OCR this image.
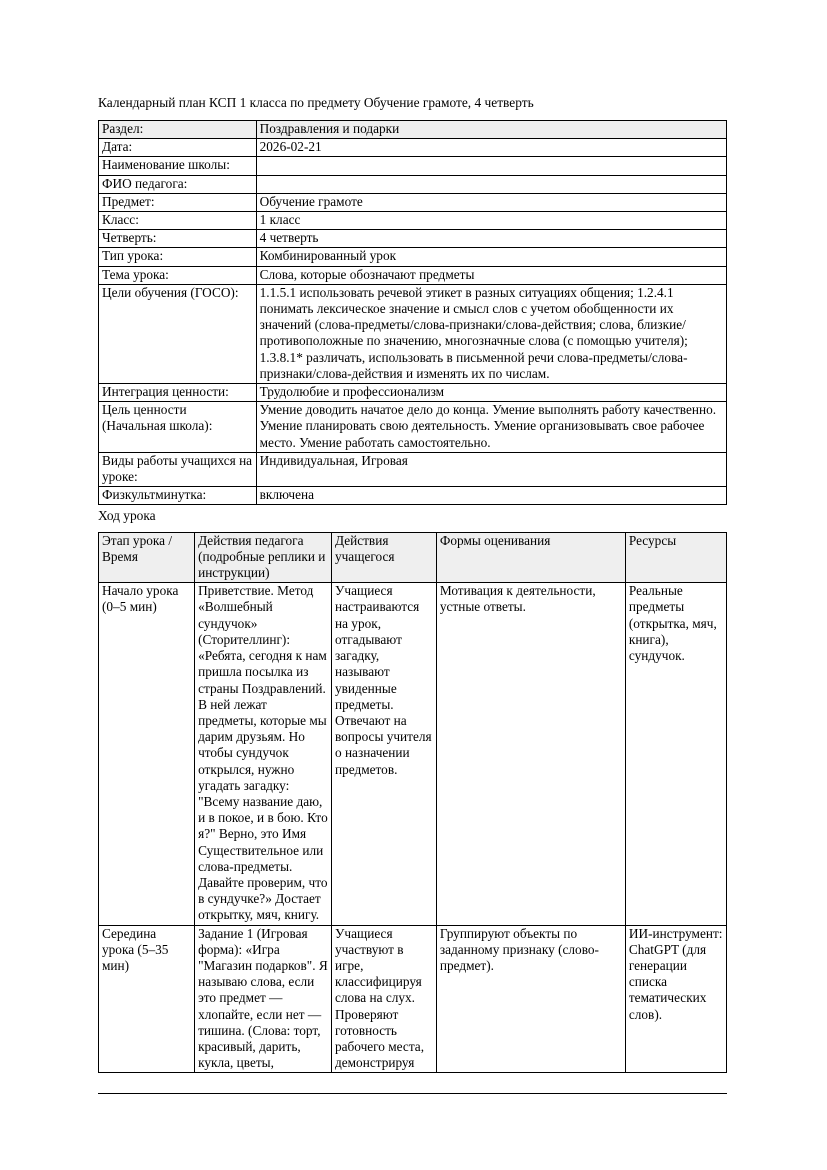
Календарный план КСП 1 класса по предмету Обучение грамоте, 4 четверть
Раздел:	Поздравления и подарки
Дата:	2026-02-21
Наименование школы:	
ФИО педагога:	
Предмет:	Обучение грамоте
Класс:	1 класс
Четверть:	4 четверть
Тип урока:	Комбинированный урок
Тема урока:	Слова, которые обозначают предметы
Цели обучения (ГОСО):	1.1.5.1 использовать речевой этикет в разных ситуациях общения; 1.2.4.1 понимать лексическое значение и смысл слов с учетом обобщенности их значений (слова-предметы/слова-признаки/слова-действия; слова, близкие/противоположные по значению, многозначные слова (с помощью учителя); 1.3.8.1* различать, использовать в письменной речи слова-предметы/слова-признаки/слова-действия и изменять их по числам.
Интеграция ценности:	Трудолюбие и профессионализм
Цель ценности (Начальная школа):	Умение доводить начатое дело до конца. Умение выполнять работу качественно. Умение планировать свою деятельность. Умение организовывать свое рабочее место. Умение работать самостоятельно.
Виды работы учащихся на уроке:	Индивидуальная, Игровая
Физкультминутка:	включена
Ход урока
Этап урока / Время	Действия педагога (подробные реплики и инструкции)	Действия учащегося	Формы оценивания	Ресурсы
Начало урока (0–5 мин)	Приветствие. Метод «Волшебный сундучок» (Сторителлинг): «Ребята, сегодня к нам пришла посылка из страны Поздравлений. В ней лежат предметы, которые мы дарим друзьям. Но чтобы сундучок открылся, нужно угадать загадку: "Всему название даю, и в покое, и в бою. Кто я?" Верно, это Имя Существительное или слова-предметы. Давайте проверим, что в сундучке?» Достает открытку, мяч, книгу.	Учащиеся настраиваются на урок, отгадывают загадку, называют увиденные предметы. Отвечают на вопросы учителя о назначении предметов.	Мотивация к деятельности, устные ответы.	Реальные предметы (открытка, мяч, книга), сундучок.
Середина урока (5–35 мин)	Задание 1 (Игровая форма): «Игра "Магазин подарков". Я называю слова, если это предмет — хлопайте, если нет — тишина. (Слова: торт, красивый, дарить, кукла, цветы,	Учащиеся участвуют в игре, классифицируя слова на слух. Проверяют готовность рабочего места, демонстрируя	Группируют объекты по заданному признаку (слово-предмет).	ИИ-инструмент: ChatGPT (для генерации списка тематических слов).
